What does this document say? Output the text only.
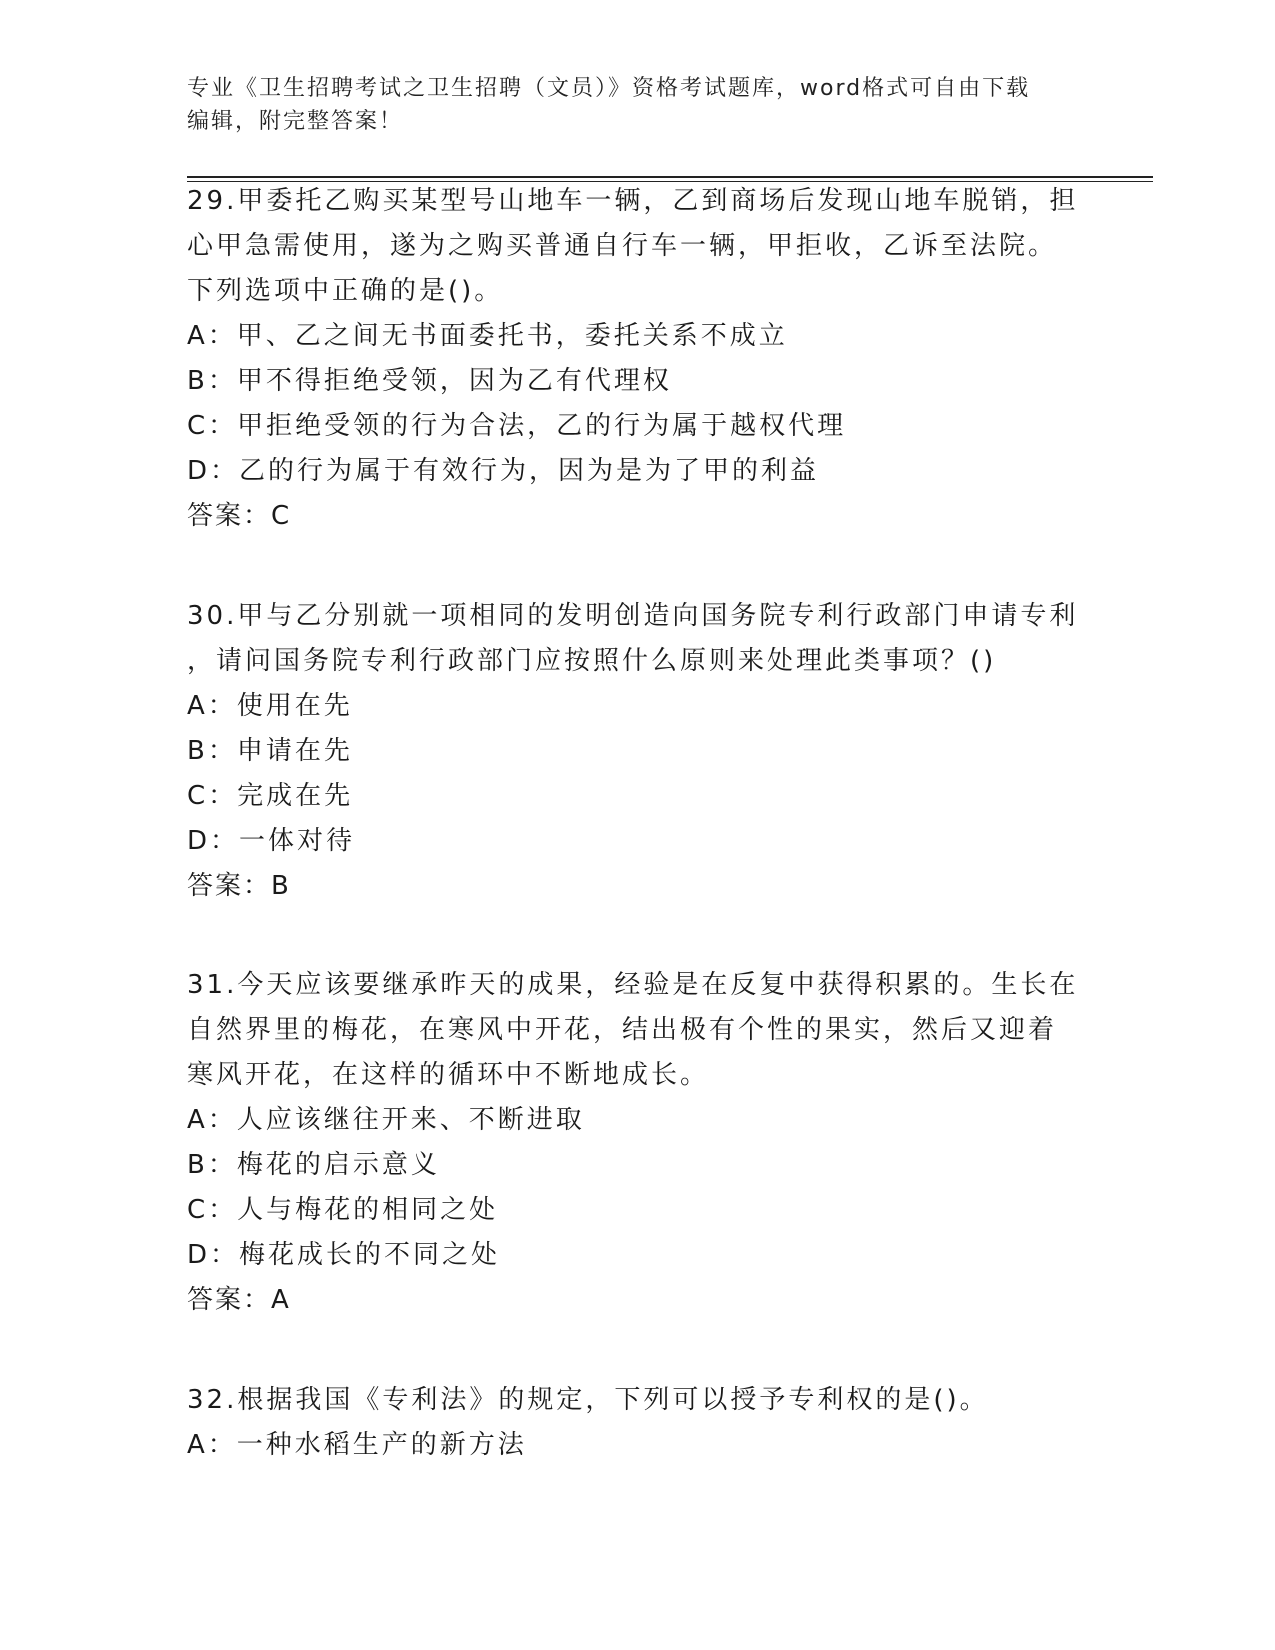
专业《卫生招聘考试之卫生招聘（文员）》资格考试题库，word格式可自由下载
编辑，附完整答案！
29.甲委托乙购买某型号山地车一辆，乙到商场后发现山地车脱销，担
心甲急需使用，遂为之购买普通自行车一辆，甲拒收，乙诉至法院。
下列选项中正确的是()。
A：甲、乙之间无书面委托书，委托关系不成立
B：甲不得拒绝受领，因为乙有代理权
C：甲拒绝受领的行为合法，乙的行为属于越权代理
D：乙的行为属于有效行为，因为是为了甲的利益
答案：C
30.甲与乙分别就一项相同的发明创造向国务院专利行政部门申请专利
，请问国务院专利行政部门应按照什么原则来处理此类事项？()
A：使用在先
B：申请在先
C：完成在先
D：一体对待
答案：B
31.今天应该要继承昨天的成果，经验是在反复中获得积累的。生长在
自然界里的梅花，在寒风中开花，结出极有个性的果实，然后又迎着
寒风开花，在这样的循环中不断地成长。
A：人应该继往开来、不断进取
B：梅花的启示意义
C：人与梅花的相同之处
D：梅花成长的不同之处
答案：A
32.根据我国《专利法》的规定，下列可以授予专利权的是()。
A：一种水稻生产的新方法
